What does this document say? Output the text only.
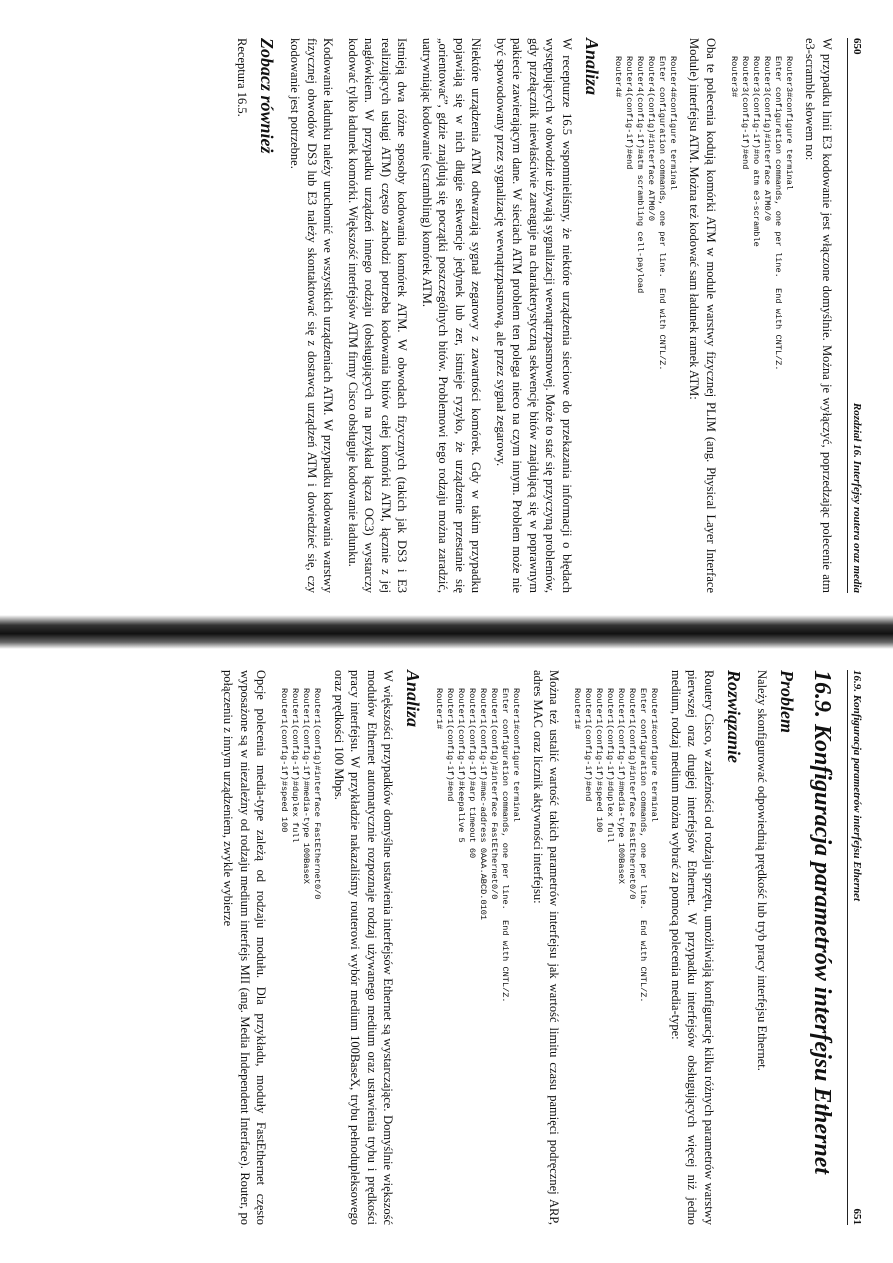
650
Rozdział 16. Interfejsy routera oraz media

W przypadku linii E3 kodowanie jest włączone domyślnie. Można je wyłączyć, poprzedzając polecenie atm e3-scramble słowem no:

Router3#configure terminal
Enter configuration commands, one per line.  End with CNTL/Z.
Router3(config)#interface ATM0/0
Router3(config-if)#no atm e3-scramble
Router3(config-if)#end
Router3#

Oba te polecenia kodują komórki ATM w module warstwy fizycznej PLIM (ang. Physical Layer Interface Module) interfejsu ATM. Można też kodować sam ładunek ramek ATM:

Router4#configure terminal
Enter configuration commands, one per line.  End with CNTL/Z.
Router4(config)#interface ATM0/0
Router4(config-if)#atm scrambling cell-payload
Router4(config-if)#end
Router4#
Analiza

W recepturze 16.5 wspomnieliśmy, że niektóre urządzenia sieciowe do przekazania informacji o błędach występujących w obwodzie używają sygnalizacji wewnątrzpasmowej. Może to stać się przyczyną problemów, gdy przełącznik niewłaściwie zareaguje na charakterystyczną sekwencję bitów znajdującą się w poprawnym pakiecie zawierającym dane. W sieciach ATM problem ten polega nieco na czym innym. Problem może nie być spowodowany przez sygnalizację wewnątrzpasmową, ale przez sygnał zegarowy.

Niektóre urządzenia ATM odtwarzają sygnał zegarowy z zawartości komórek. Gdy w takim przypadku pojawiają się w nich długie sekwencje jedynek lub zer, istnieje ryzyko, że urządzenie przestanie się „orientować”, gdzie znajdują się początki poszczególnych bitów. Problemowi tego rodzaju można zaradzić, uatrywniając kodowanie (scrambling) komórek ATM.

Istnieją dwa różne sposoby kodowania komórek ATM. W obwodach fizycznych (takich jak DS3 i E3 realizujących usługi ATM) często zachodzi potrzeba kodowania bitów całej komórki ATM, łącznie z jej nagłówkiem. W przypadku urządzeń innego rodzaju (obsługujących na przykład łącza OC3) wystarczy kodować tylko ładunek komórki. Większość interfejsów ATM firmy Cisco obsługuje kodowanie ładunku.

Kodowanie ładunku należy uruchomić we wszystkich urządzeniach ATM. W przypadku kodowania warstwy fizycznej obwodów DS3 lub E3 należy skontaktować się z dostawcą urządzeń ATM i dowiedzieć się, czy kodowanie jest potrzebne.

Zobacz również

Receptura 16.5.

16.9. Konfiguracja parametrów interfejsu Ethernet
651
16.9. Konfiguracja parametrów interfejsu Ethernet
Problem

Należy skonfigurować odpowiednią prędkość lub tryb pracy interfejsu Ethernet.

Rozwiązanie

Routery Cisco, w zależności od rodzaju sprzętu, umożliwiają konfigurację kilku różnych parametrów warstwy pierwszej oraz drugiej interfejsów Ethernet. W przypadku interfejsów obsługujących więcej niż jedno medium, rodzaj medium można wybrać za pomocą polecenia media-type:

Router1#configure terminal
Enter configuration commands, one per line.  End with CNTL/Z.
Router1(config)#interface FastEthernet0/0
Router1(config-if)#media-type 100BaseX
Router1(config-if)#duplex full
Router1(config-if)#speed 100
Router1(config-if)#end
Router1#

Można też ustalić wartość takich parametrów interfejsu jak wartość limitu czasu pamięci podręcznej ARP, adres MAC oraz licznik aktywności interfejsu:

Router1#configure terminal
Enter configuration commands, one per line.  End with CNTL/Z.
Router1(config)#interface FastEthernet0/0
Router1(config-if)#mac-address 0AAA.ABCD.0101
Router1(config-if)#arp timeout 60
Router1(config-if)#keepalive 5
Router1(config-if)#end
Router1#
Analiza

W większości przypadków domyślne ustawienia interfejsów Ethernet są wystarczające. Domyślnie większość modułów Ethernet automatycznie rozpoznaje rodzaj używanego medium oraz ustawienia trybu i prędkości pracy interfejsu. W przykładzie nakazaliśmy routerowi wybór medium 100BaseX, trybu pełnodupleksowego oraz prędkości 100 Mbps.

Router1(config)#interface FastEthernet0/0
Router1(config-if)#media-type 100BaseX
Router1(config-if)#duplex full
Router1(config-if)#speed 100

Opcje polecenia media-type zależą od rodzaju modułu. Dla przykładu, moduły FastEthernet często wyposażone są w niezależny od rodzaju medium interfejs MII (ang. Media Independent Interface). Router, po połączeniu z innym urządzeniem, zwykle wybierze
